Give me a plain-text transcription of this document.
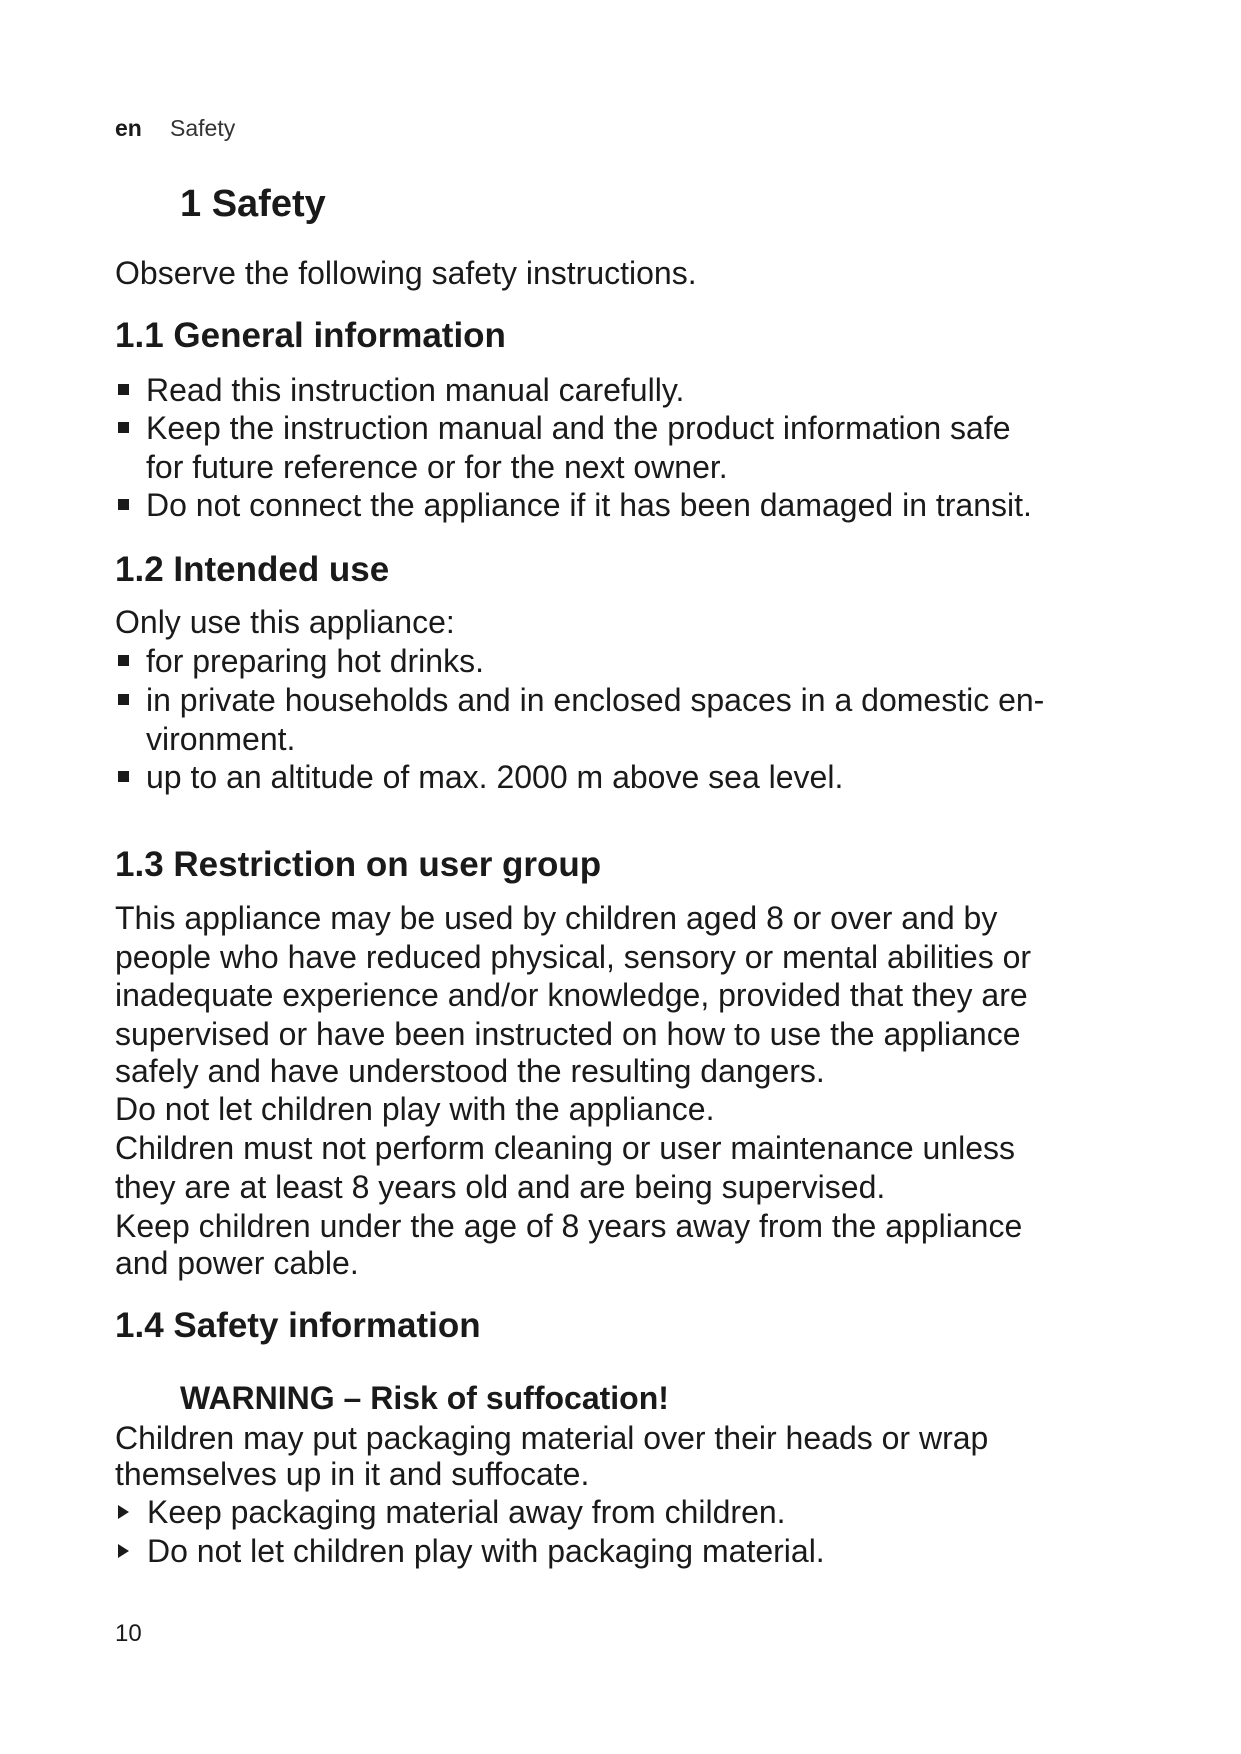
en Safety
1 Safety
Observe the following safety instructions.
1.1 General information
Read this instruction manual carefully.
Keep the instruction manual and the product information safe
for future reference or for the next owner.
Do not connect the appliance if it has been damaged in transit.
1.2 Intended use
Only use this appliance:
for preparing hot drinks.
in private households and in enclosed spaces in a domestic en-
vironment.
up to an altitude of max. 2000 m above sea level.
1.3 Restriction on user group
This appliance may be used by children aged 8 or over and by
people who have reduced physical, sensory or mental abilities or
inadequate experience and/or knowledge, provided that they are
supervised or have been instructed on how to use the appliance
safely and have understood the resulting dangers.
Do not let children play with the appliance.
Children must not perform cleaning or user maintenance unless
they are at least 8 years old and are being supervised.
Keep children under the age of 8 years away from the appliance
and power cable.
1.4 Safety information
WARNING – Risk of suffocation!
Children may put packaging material over their heads or wrap
themselves up in it and suffocate.
Keep packaging material away from children.
Do not let children play with packaging material.
10
